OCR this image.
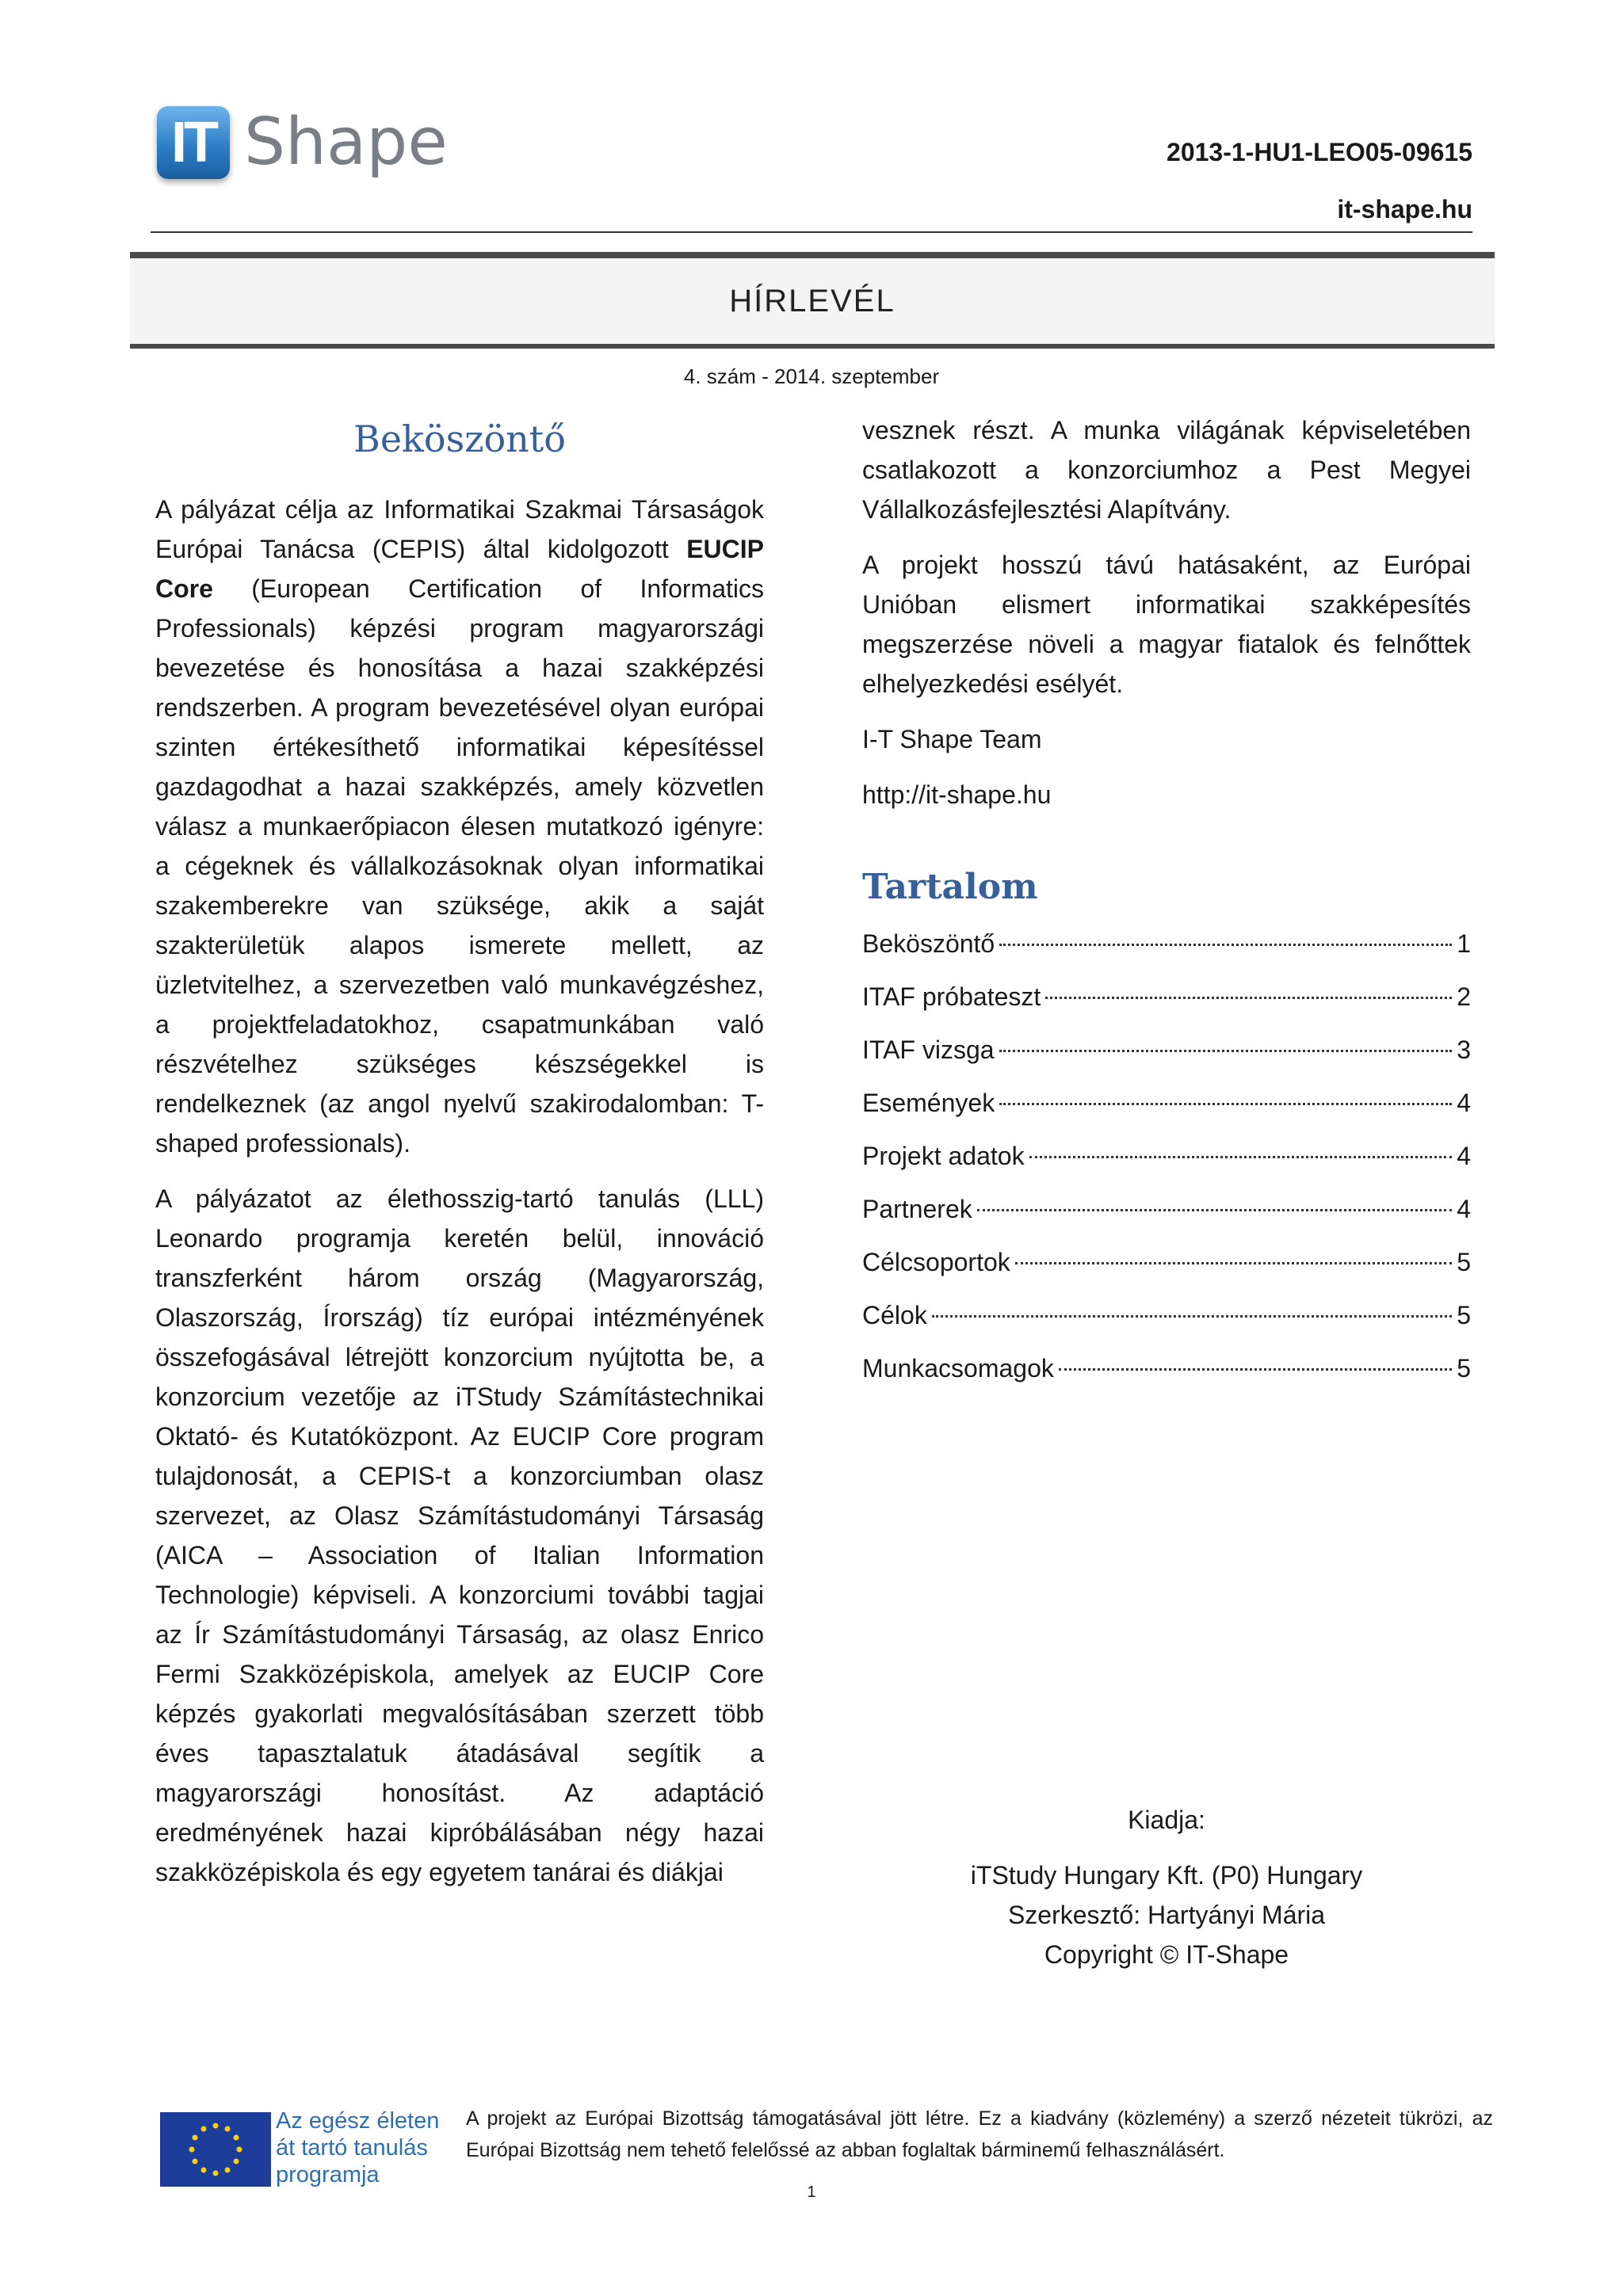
IT Shape	2013-1-HU1-LEO05-09615
it-shape.hu
HÍRLEVÉL
4. szám - 2014. szeptember
Beköszöntő

A pályázat célja az Informatikai Szakmai Társaságok Európai Tanácsa (CEPIS) által kidolgozott EUCIP Core (European Certification of Informatics Professionals) képzési program magyarországi bevezetése és honosítása a hazai szakképzési rendszerben. A program bevezetésével olyan európai szinten értékesíthető informatikai képesítéssel gazdagodhat a hazai szakképzés, amely közvetlen válasz a munkaerőpiacon élesen mutatkozó igényre: a cégeknek és vállalkozásoknak olyan informatikai szakemberekre van szüksége, akik a saját szakterületük alapos ismerete mellett, az üzletvitelhez, a szervezetben való munkavégzéshez, a projektfeladatokhoz, csapatmunkában való részvételhez szükséges készségekkel is rendelkeznek (az angol nyelvű szakirodalomban: T-shaped professionals).

A pályázatot az élethosszig-tartó tanulás (LLL) Leonardo programja keretén belül, innováció transzferként három ország (Magyarország, Olaszország, Írország) tíz európai intézményének összefogásával létrejött konzorcium nyújtotta be, a konzorcium vezetője az iTStudy Számítástechnikai Oktató- és Kutatóközpont. Az EUCIP Core program tulajdonosát, a CEPIS-t a konzorciumban olasz szervezet, az Olasz Számítástudományi Társaság (AICA – Association of Italian Information Technologie) képviseli. A konzorciumi további tagjai az Ír Számítástudományi Társaság, az olasz Enrico Fermi Szakközépiskola, amelyek az EUCIP Core képzés gyakorlati megvalósításában szerzett több éves tapasztalatuk átadásával segítik a magyarországi honosítást. Az adaptáció eredményének hazai kipróbálásában négy hazai szakközépiskola és egy egyetem tanárai és diákjai

vesznek részt. A munka világának képviseletében csatlakozott a konzorciumhoz a Pest Megyei Vállalkozásfejlesztési Alapítvány.

A projekt hosszú távú hatásaként, az Európai Unióban elismert informatikai szakképesítés megszerzése növeli a magyar fiatalok és felnőttek elhelyezkedési esélyét.

I-T Shape Team

http://it-shape.hu

Tartalom
Beköszöntő	1
ITAF próbateszt	2
ITAF vizsga	3
Események	4
Projekt adatok	4
Partnerek	4
Célcsoportok	5
Célok	5
Munkacsomagok	5
Kiadja:
iTStudy Hungary Kft. (P0) Hungary
Szerkesztő: Hartyányi Mária
Copyright © IT-Shape
Az egész életen
át tartó tanulás
programja
A projekt az Európai Bizottság támogatásával jött létre. Ez a kiadvány (közlemény) a szerző nézeteit tükrözi, az Európai Bizottság nem tehető felelőssé az abban foglaltak bárminemű felhasználásért.
1
